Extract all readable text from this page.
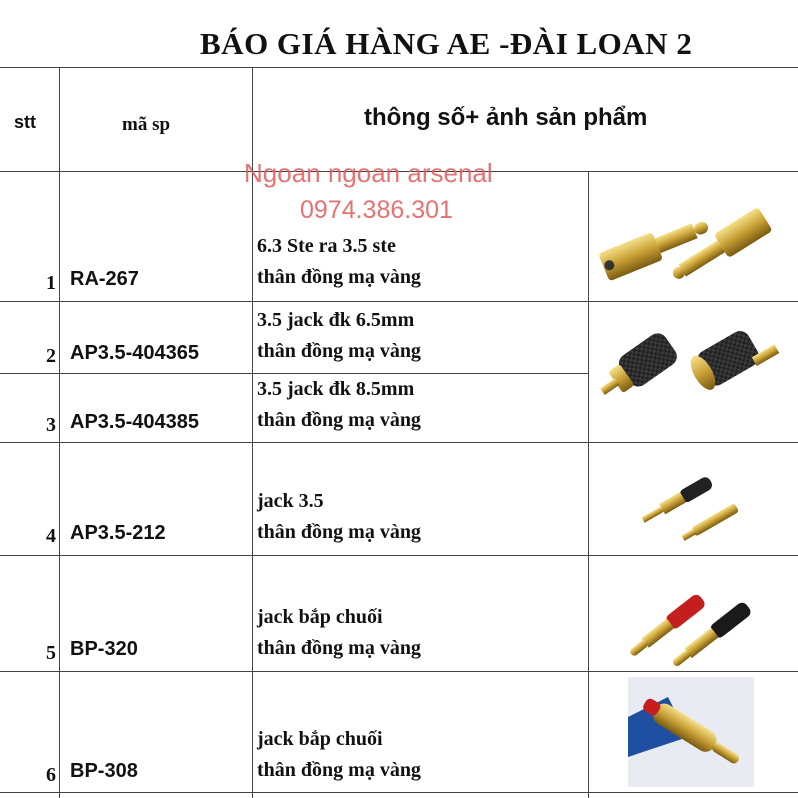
BÁO GIÁ HÀNG AE -ĐÀI LOAN 2
stt	mã sp	thông số+ ảnh sản phẩm
Ngoan ngoan arsenal
0974.386.301
1 RA-267
6.3 Ste ra 3.5 ste
thân đồng mạ vàng
2 AP3.5-404365
3.5 jack đk 6.5mm
thân đồng mạ vàng
3 AP3.5-404385
3.5 jack đk 8.5mm
thân đồng mạ vàng
4 AP3.5-212
jack 3.5
thân đồng mạ vàng
5 BP-320
jack bắp chuối
thân đồng mạ vàng
6 BP-308
jack bắp chuối
thân đồng mạ vàng
